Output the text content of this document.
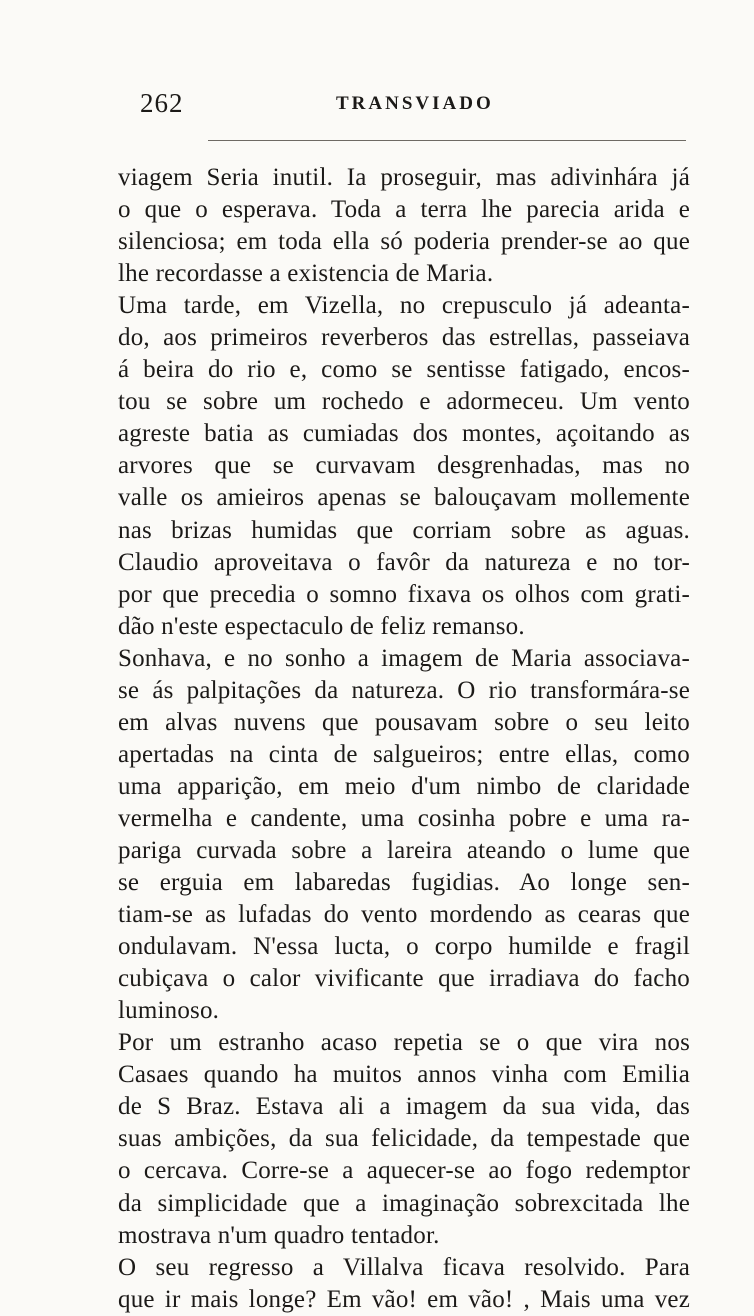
262	TRANSVIADO
viagem Seria inutil. Ia proseguir, mas adivinhára já
o que o esperava. Toda a terra lhe parecia arida e
silenciosa; em toda ella só poderia prender-se ao que
lhe recordasse a existencia de Maria.
Uma tarde, em Vizella, no crepusculo já adeanta-
do, aos primeiros reverberos das estrellas, passeiava
á beira do rio e, como se sentisse fatigado, encos-
tou se sobre um rochedo e adormeceu. Um vento
agreste batia as cumiadas dos montes, açoitando as
arvores que se curvavam desgrenhadas, mas no
valle os amieiros apenas se balouçavam mollemente
nas brizas humidas que corriam sobre as aguas.
Claudio aproveitava o favôr da natureza e no tor-
por que precedia o somno fixava os olhos com grati-
dão n'este espectaculo de feliz remanso.
Sonhava, e no sonho a imagem de Maria associava-
se ás palpitações da natureza. O rio transformára-se
em alvas nuvens que pousavam sobre o seu leito
apertadas na cinta de salgueiros; entre ellas, como
uma apparição, em meio d'um nimbo de claridade
vermelha e candente, uma cosinha pobre e uma ra-
pariga curvada sobre a lareira ateando o lume que
se erguia em labaredas fugidias. Ao longe sen-
tiam-se as lufadas do vento mordendo as cearas que
ondulavam. N'essa lucta, o corpo humilde e fragil
cubiçava o calor vivificante que irradiava do facho
luminoso.
Por um estranho acaso repetia se o que vira nos
Casaes quando ha muitos annos vinha com Emilia
de S Braz. Estava ali a imagem da sua vida, das
suas ambições, da sua felicidade, da tempestade que
o cercava. Corre-se a aquecer-se ao fogo redemptor
da simplicidade que a imaginação sobrexcitada lhe
mostrava n'um quadro tentador.
O seu regresso a Villalva ficava resolvido. Para
que ir mais longe? Em vão! em vão! , Mais uma vez
